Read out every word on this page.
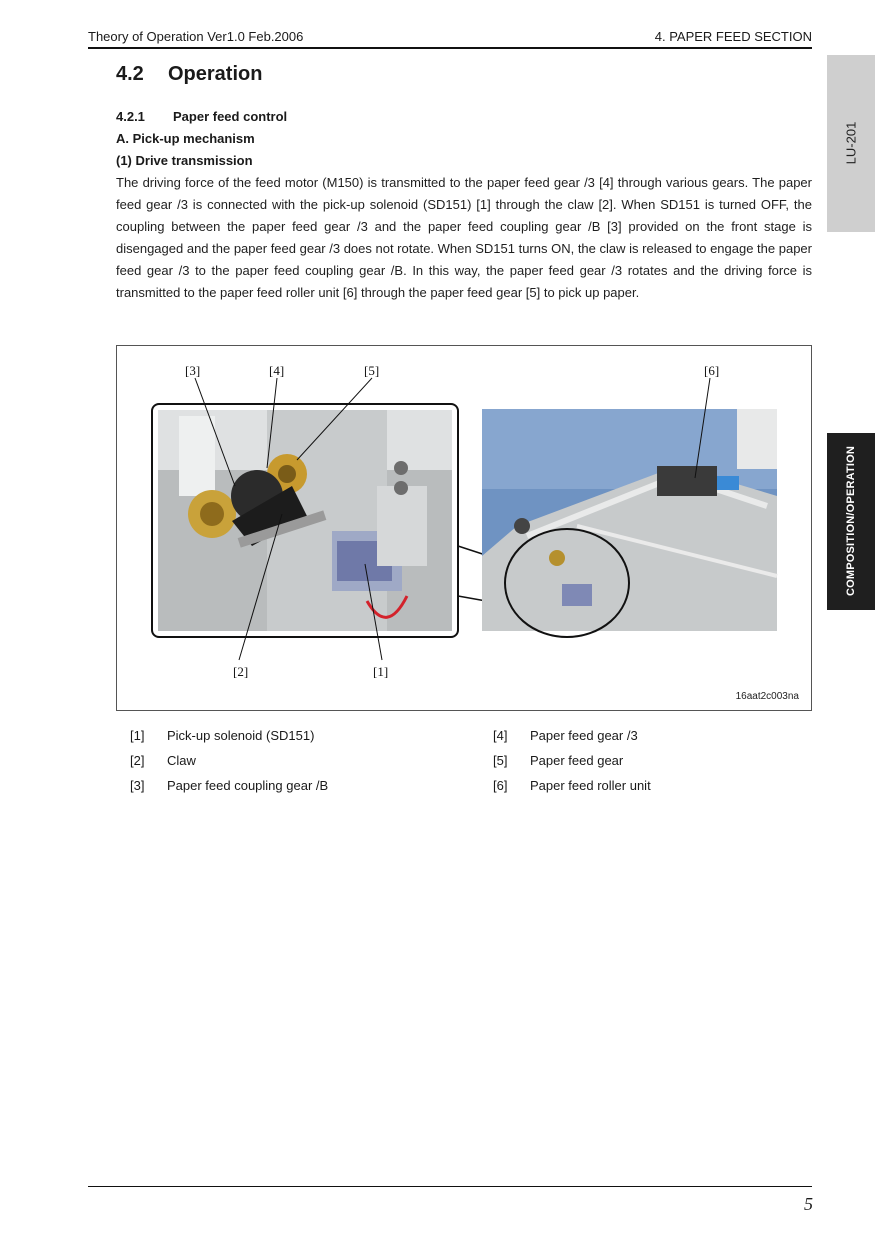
Theory of Operation Ver1.0 Feb.2006	4. PAPER FEED SECTION
LU-201
COMPOSITION/OPERATION
4.2 Operation
4.2.1 Paper feed control
A. Pick-up mechanism
(1) Drive transmission
The driving force of the feed motor (M150) is transmitted to the paper feed gear /3 [4] through various gears. The paper feed gear /3 is connected with the pick-up solenoid (SD151) [1] through the claw [2]. When SD151 is turned OFF, the coupling between the paper feed gear /3 and the paper feed coupling gear /B [3] provided on the front stage is disengaged and the paper feed gear /3 does not rotate. When SD151 turns ON, the claw is released to engage the paper feed gear /3 to the paper feed coupling gear /B. In this way, the paper feed gear /3 rotates and the driving force is transmitted to the paper feed roller unit [6] through the paper feed gear [5] to pick up paper.
[3]	[4]	[5]	[6]
[2]	[1]
16aat2c003na
[1] Pick-up solenoid (SD151)
[2] Claw
[3] Paper feed coupling gear /B
[4] Paper feed gear /3
[5] Paper feed gear
[6] Paper feed roller unit
5
